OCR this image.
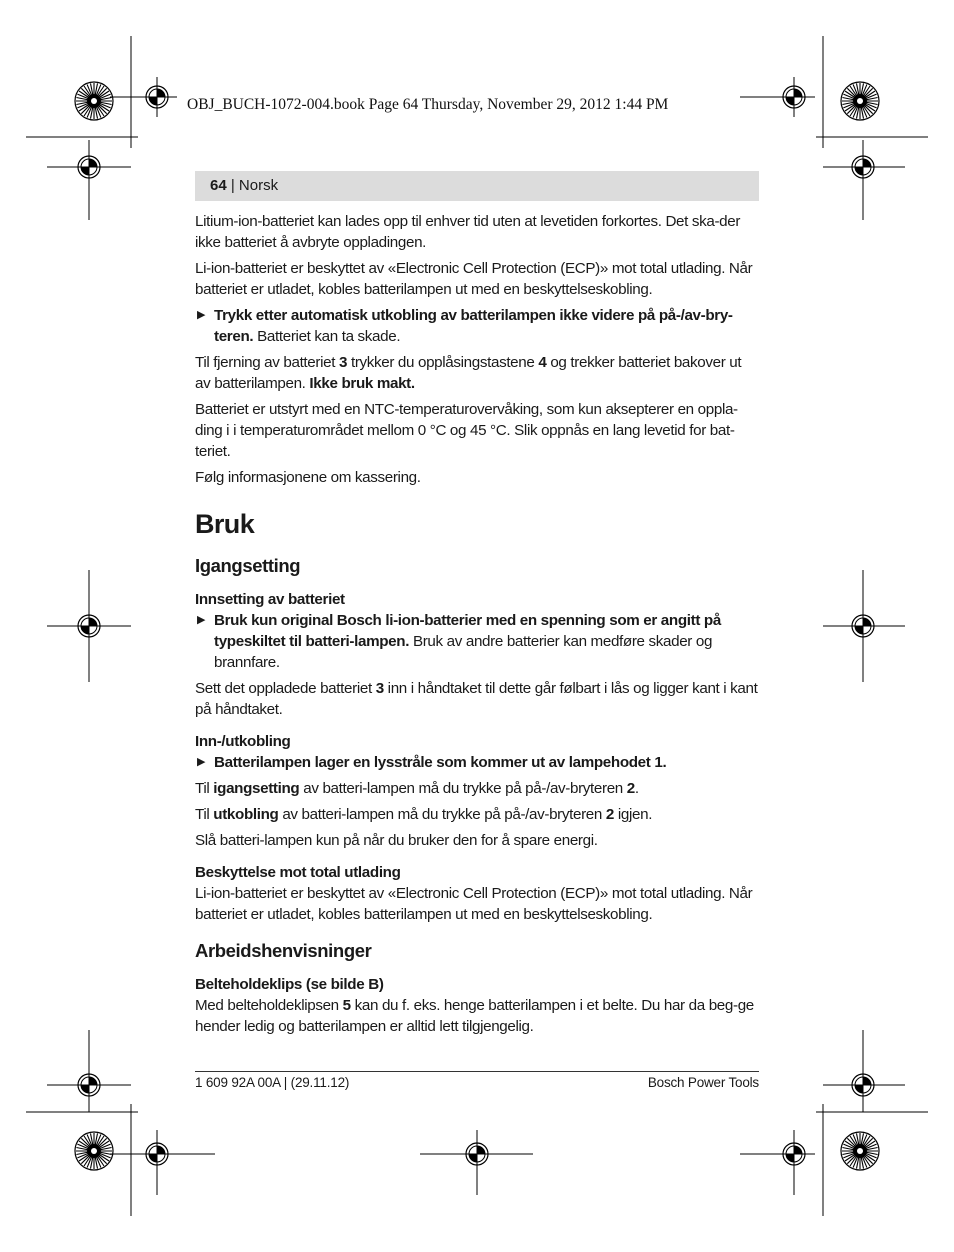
OBJ_BUCH-1072-004.book Page 64 Thursday, November 29, 2012 1:44 PM
64 | Norsk

Litium-ion-batteriet kan lades opp til enhver tid uten at levetiden forkortes. Det ska-der ikke batteriet å avbryte oppladingen.

Li-ion-batteriet er beskyttet av «Electronic Cell Protection (ECP)» mot total utlading. Når batteriet er utladet, kobles batterilampen ut med en beskyttelseskobling.

▶ Trykk etter automatisk utkobling av batterilampen ikke videre på på-/av-bry-teren. Batteriet kan ta skade.

Til fjerning av batteriet 3 trykker du opplåsingstastene 4 og trekker batteriet bakover ut av batterilampen. Ikke bruk makt.

Batteriet er utstyrt med en NTC-temperaturovervåking, som kun aksepterer en oppla-ding i i temperaturområdet mellom 0 °C og 45 °C. Slik oppnås en lang levetid for bat-teriet.

Følg informasjonene om kassering.

Bruk
Igangsetting
Innsetting av batteriet
▶ Bruk kun original Bosch li-ion-batterier med en spenning som er angitt på typeskiltet til batteri-lampen. Bruk av andre batterier kan medføre skader og brannfare.

Sett det oppladede batteriet 3 inn i håndtaket til dette går følbart i lås og ligger kant i kant på håndtaket.

Inn-/utkobling
▶ Batterilampen lager en lysstråle som kommer ut av lampehodet 1.

Til igangsetting av batteri-lampen må du trykke på på-/av-bryteren 2.

Til utkobling av batteri-lampen må du trykke på på-/av-bryteren 2 igjen.

Slå batteri-lampen kun på når du bruker den for å spare energi.

Beskyttelse mot total utlading

Li-ion-batteriet er beskyttet av «Electronic Cell Protection (ECP)» mot total utlading. Når batteriet er utladet, kobles batterilampen ut med en beskyttelseskobling.

Arbeidshenvisninger
Belteholdeklips (se bilde B)

Med belteholdeklipsen 5 kan du f. eks. henge batterilampen i et belte. Du har da beg-ge hender ledig og batterilampen er alltid lett tilgjengelig.

1 609 92A 00A | (29.11.12)	Bosch Power Tools
